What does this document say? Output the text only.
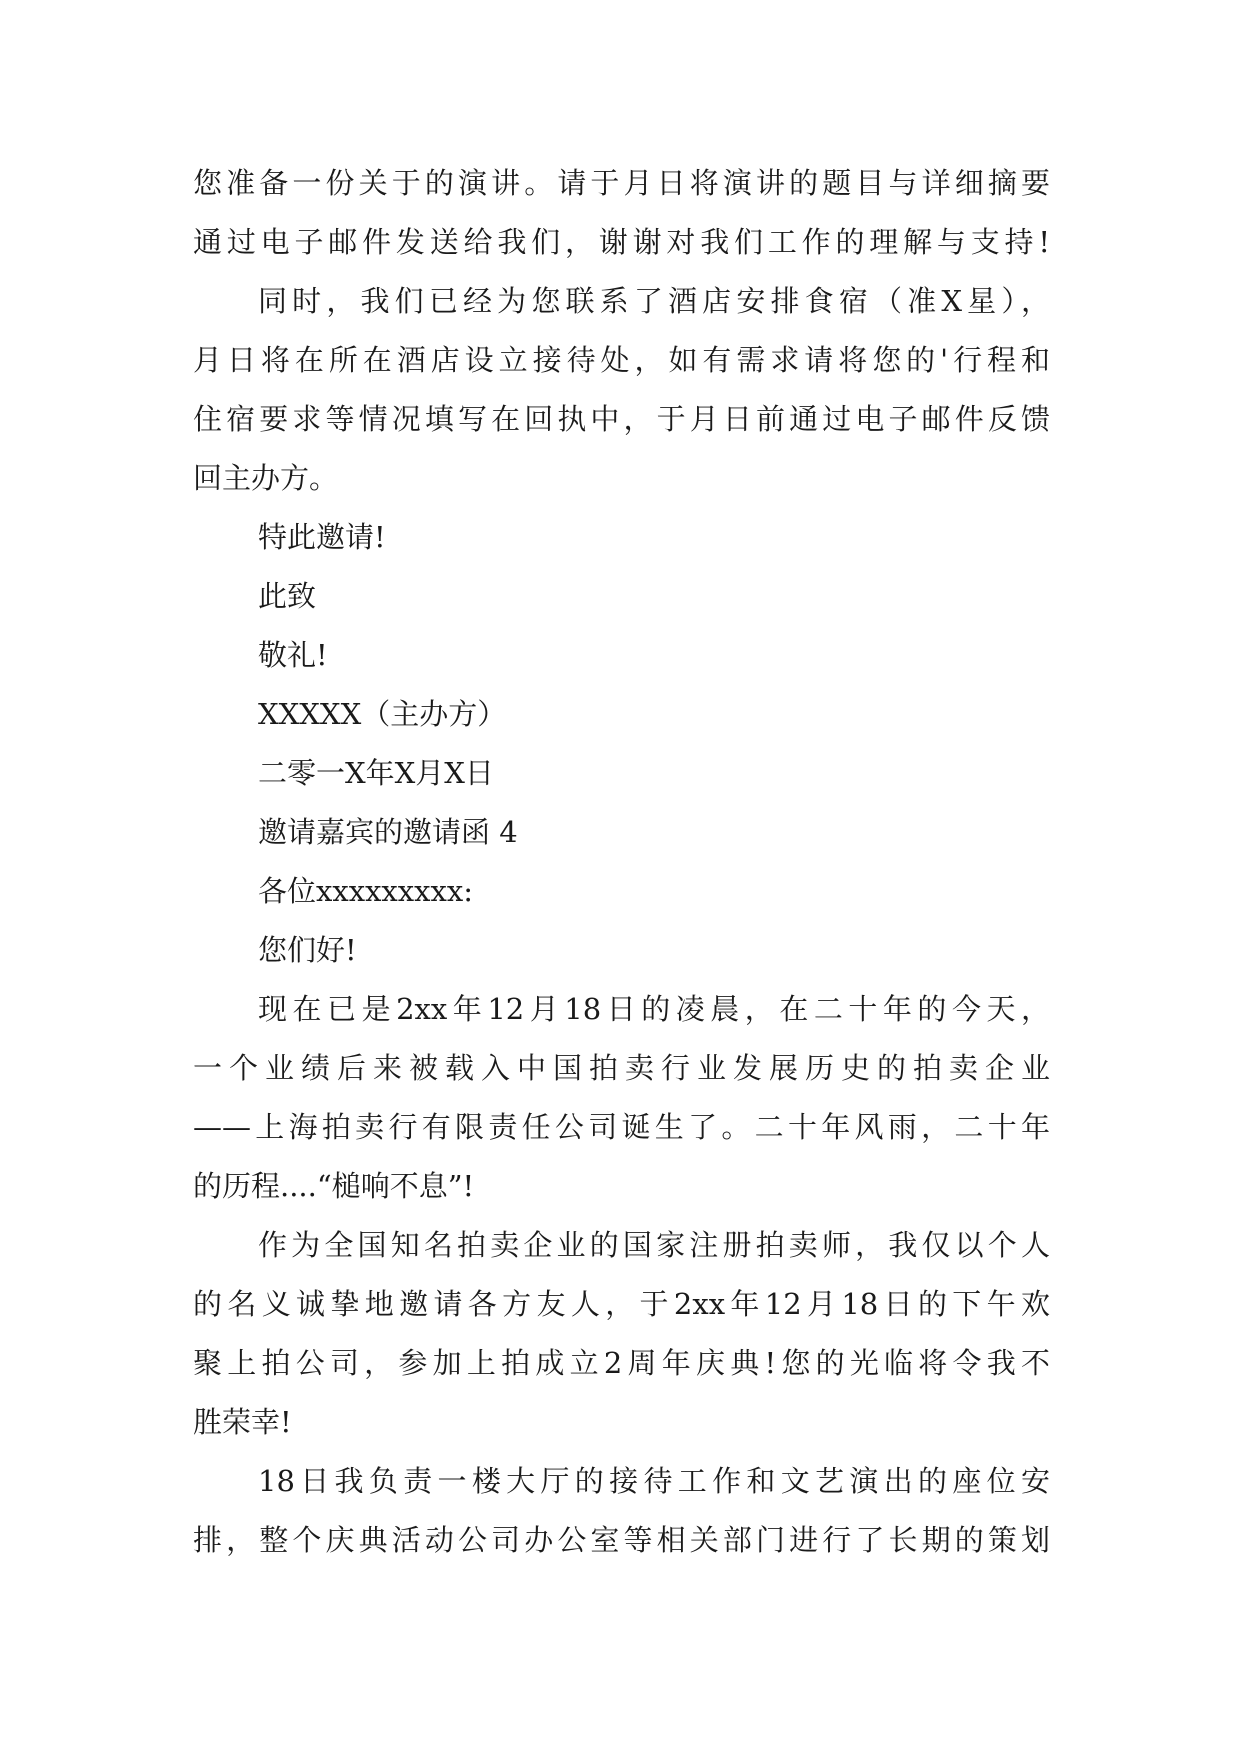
您准备一份关于的演讲。请于月日将演讲的题目与详细摘要
通过电子邮件发送给我们，谢谢对我们工作的理解与支持!
同时，我们已经为您联系了酒店安排食宿（准X星），
月日将在所在酒店设立接待处，如有需求请将您的'行程和
住宿要求等情况填写在回执中，于月日前通过电子邮件反馈
回主办方。
特此邀请!
此致
敬礼!
XXXXX（主办方）
二零一X年X月X日
邀请嘉宾的邀请函 4
各位xxxxxxxxx:
您们好!
现在已是2xx年12月18日的凌晨，在二十年的今天，
一个业绩后来被载入中国拍卖行业发展历史的拍卖企业
——上海拍卖行有限责任公司诞生了。二十年风雨，二十年
的历程....“槌响不息”!
作为全国知名拍卖企业的国家注册拍卖师，我仅以个人
的名义诚挚地邀请各方友人，于2xx年12月18日的下午欢
聚上拍公司，参加上拍成立2周年庆典!您的光临将令我不
胜荣幸!
18日我负责一楼大厅的接待工作和文艺演出的座位安
排，整个庆典活动公司办公室等相关部门进行了长期的策划
